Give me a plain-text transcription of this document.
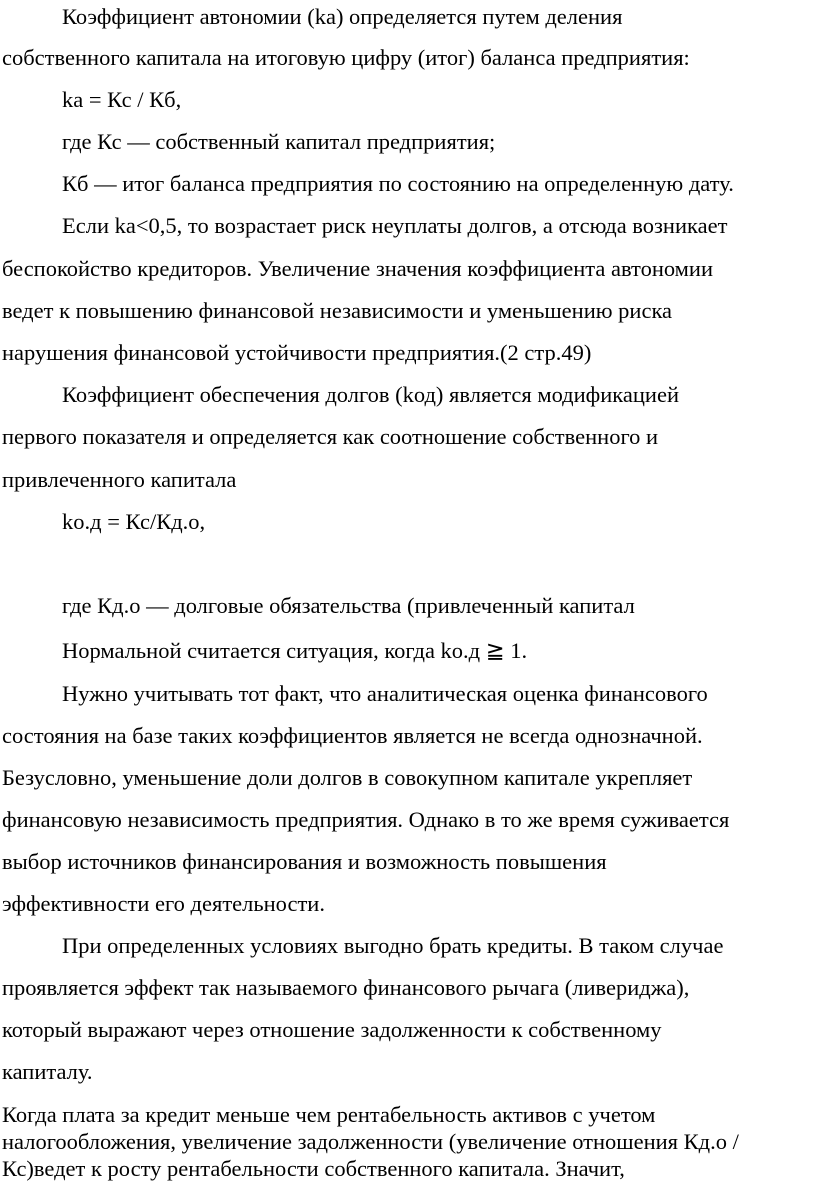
Коэффициент автономии (kа) определяется путем деления
собственного капитала на итоговую цифру (итог) баланса предприятия:
kа = Кс / Кб,
где Кс — собственный капитал предприятия;
Кб — итог баланса предприятия по состоянию на определенную дату.
Если kа<0,5, то возрастает риск неуплаты долгов, а отсюда возникает
беспокойство кредиторов. Увеличение значения коэффициента автономии
ведет к повышению финансовой независимости и уменьшению риска
нарушения финансовой устойчивости предприятия.(2 стр.49)
Коэффициент обеспечения долгов (kод) является модификацией
первого показателя и определяется как соотношение собственного и
привлеченного капитала
kо.д = Кс/Кд.о,
где Кд.о — долговые обязательства (привлеченный капитал
Нормальной считается ситуация, когда kо.д ≧ 1.
Нужно учитывать тот факт, что аналитическая оценка финансового
состояния на базе таких коэффициентов является не всегда однозначной.
Безусловно, уменьшение доли долгов в совокупном капитале укрепляет
финансовую независимость предприятия. Однако в то же время суживается
выбор источников финансирования и возможность повышения
эффективности его деятельности.
При определенных условиях выгодно брать кредиты. В таком случае
проявляется эффект так называемого финансового рычага (ливериджа),
который выражают через отношение задолженности к собственному
капиталу.
Когда плата за кредит меньше чем рентабельность активов с учетом
налогообложения, увеличение задолженности (увеличение отношения Кд.о /
Кс)ведет к росту рентабельности собственного капитала. Значит,
